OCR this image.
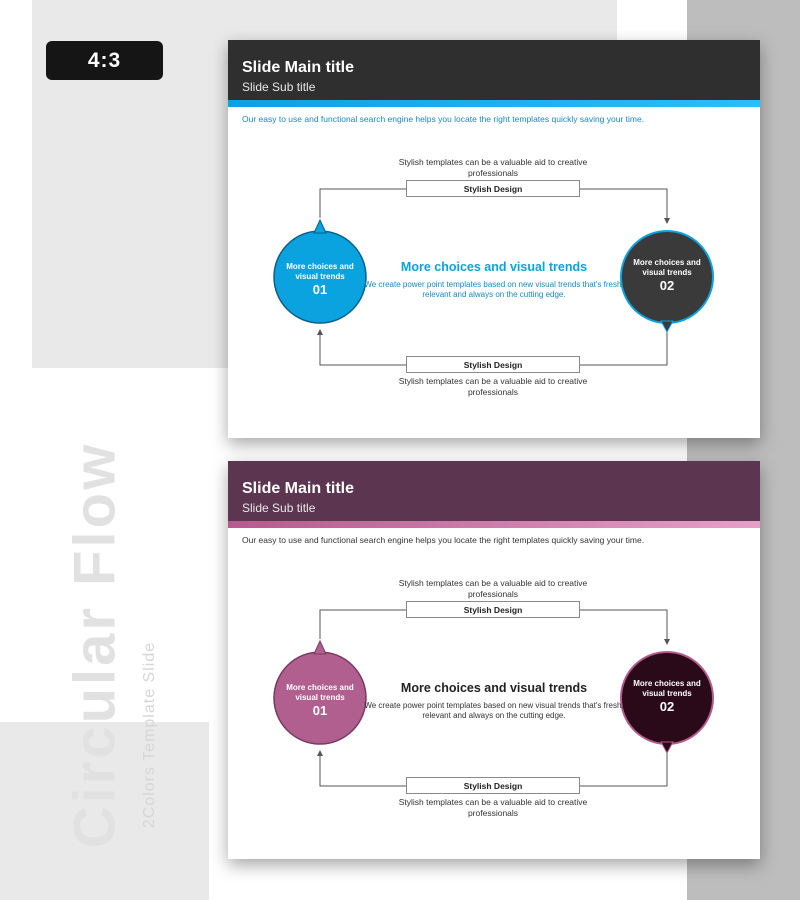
4:3
Circular Flow 2Colors Template Slide
Slide Main title
Slide Sub title
Our easy to use and functional search engine helps you locate the right templates quickly saving your time.
Stylish templates can be a valuable aid to creative professionals
Stylish Design
Stylish Design
Stylish templates can be a valuable aid to creative professionals
More choices and visual trends
01
More choices and visual trends
02
More choices and visual trends
We create power point templates based on new visual trends that's fresh, relevant and always on the cutting edge.
Slide Main title
Slide Sub title
Our easy to use and functional search engine helps you locate the right templates quickly saving your time.
Stylish templates can be a valuable aid to creative professionals
Stylish Design
Stylish Design
Stylish templates can be a valuable aid to creative professionals
More choices and visual trends
01
More choices and visual trends
02
More choices and visual trends
We create power point templates based on new visual trends that's fresh, relevant and always on the cutting edge.
